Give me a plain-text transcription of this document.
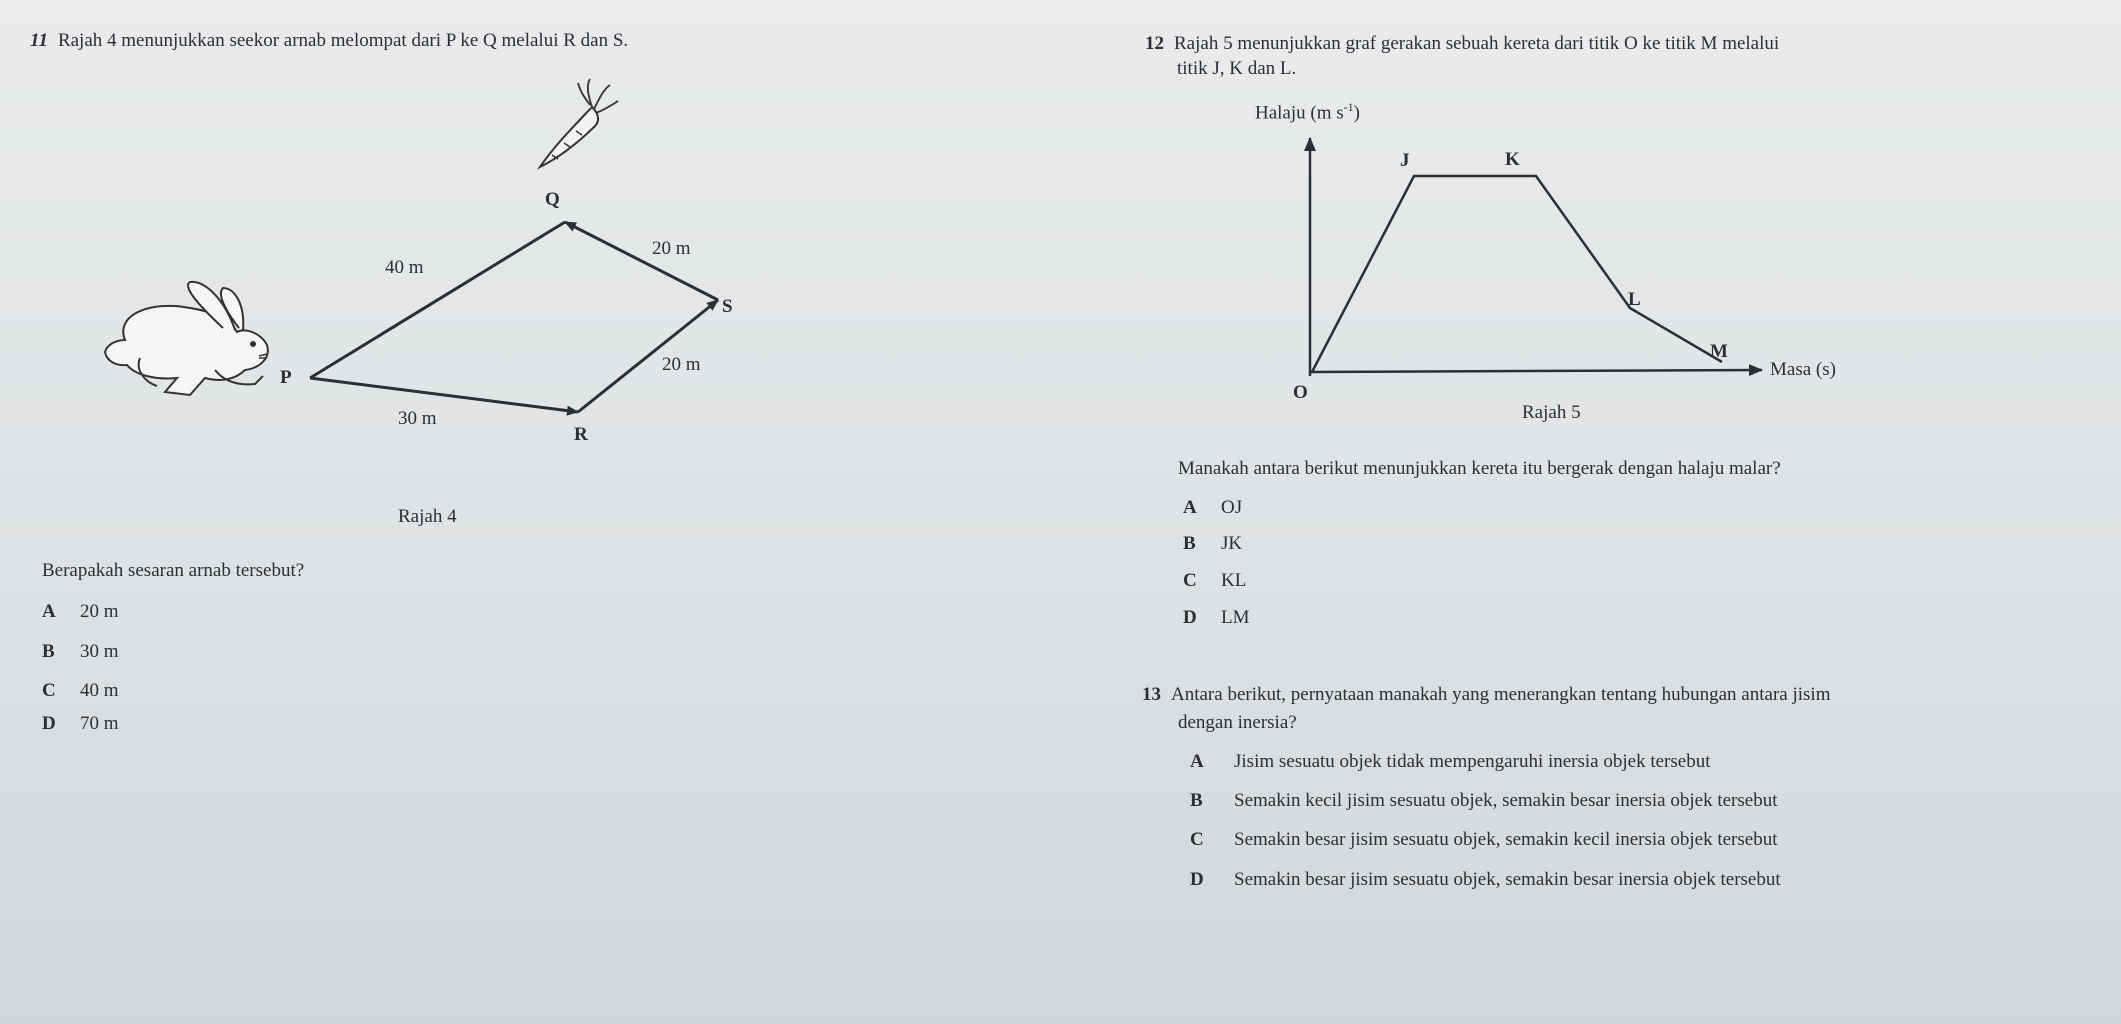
11 Rajah 4 menunjukkan seekor arnab melompat dari P ke Q melalui R dan S.
Q
S
P
R
40 m
20 m
20 m
30 m
Rajah 4
Berapakah sesaran arnab tersebut?
A 20 m
B 30 m
C 40 m
D 70 m
12 Rajah 5 menunjukkan graf gerakan sebuah kereta dari titik O ke titik M melalui
titik J, K dan L.
Halaju (m $s^{-1}$)
O
J	K
L
M
Masa (s)
Rajah 5
Manakah antara berikut menunjukkan kereta itu bergerak dengan halaju malar?
A OJ
B JK
C KL
D LM
13 Antara berikut, pernyataan manakah yang menerangkan tentang hubungan antara jisim
dengan inersia?
A Jisim sesuatu objek tidak mempengaruhi inersia objek tersebut
B Semakin kecil jisim sesuatu objek, semakin besar inersia objek tersebut
C Semakin besar jisim sesuatu objek, semakin kecil inersia objek tersebut
D Semakin besar jisim sesuatu objek, semakin besar inersia objek tersebut
